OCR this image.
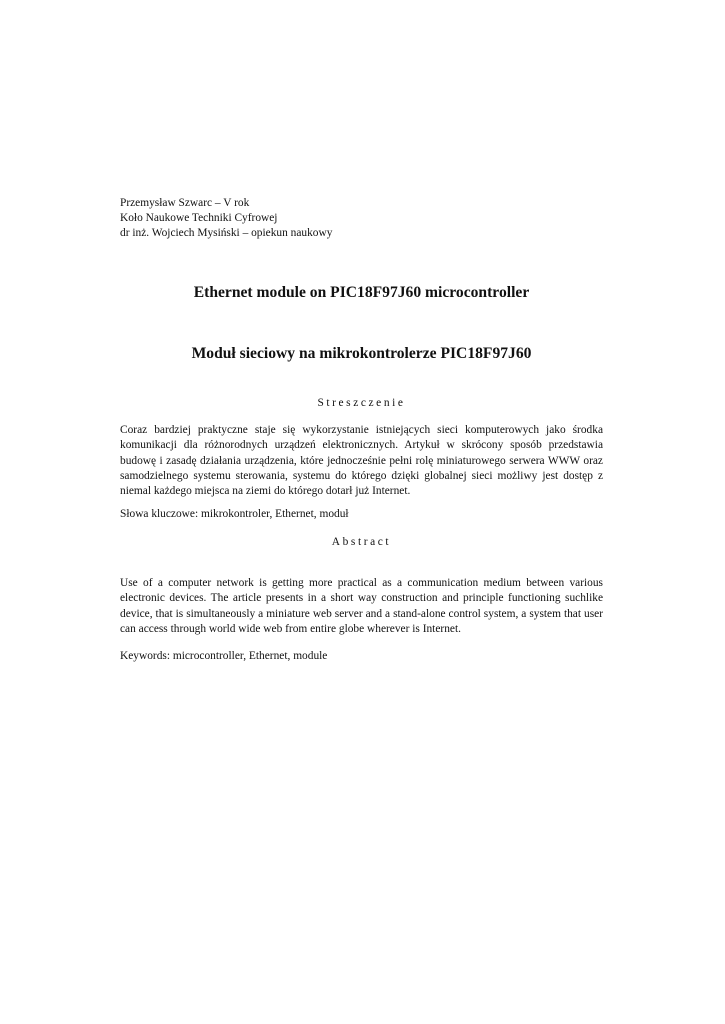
Przemysław Szwarc – V rok
Koło Naukowe Techniki Cyfrowej
dr inż. Wojciech Mysiński – opiekun naukowy
Ethernet module on PIC18F97J60 microcontroller
Moduł sieciowy na mikrokontrolerze PIC18F97J60
Streszczenie
Coraz bardziej praktyczne staje się wykorzystanie istniejących sieci komputerowych jako środka komunikacji dla różnorodnych urządzeń elektronicznych. Artykuł w skrócony sposób przedstawia budowę i zasadę działania urządzenia, które jednocześnie pełni rolę miniaturowego serwera WWW oraz samodzielnego systemu sterowania, systemu do którego dzięki globalnej sieci możliwy jest dostęp z niemal każdego miejsca na ziemi do którego dotarł już Internet.
Słowa kluczowe: mikrokontroler, Ethernet, moduł
Abstract
Use of a computer network is getting more practical as a communication medium between various electronic devices. The article presents in a short way construction and principle functioning suchlike device, that is simultaneously a miniature web server and a stand-alone control system, a system that user can access through world wide web from entire globe wherever is Internet.
Keywords: microcontroller, Ethernet, module
